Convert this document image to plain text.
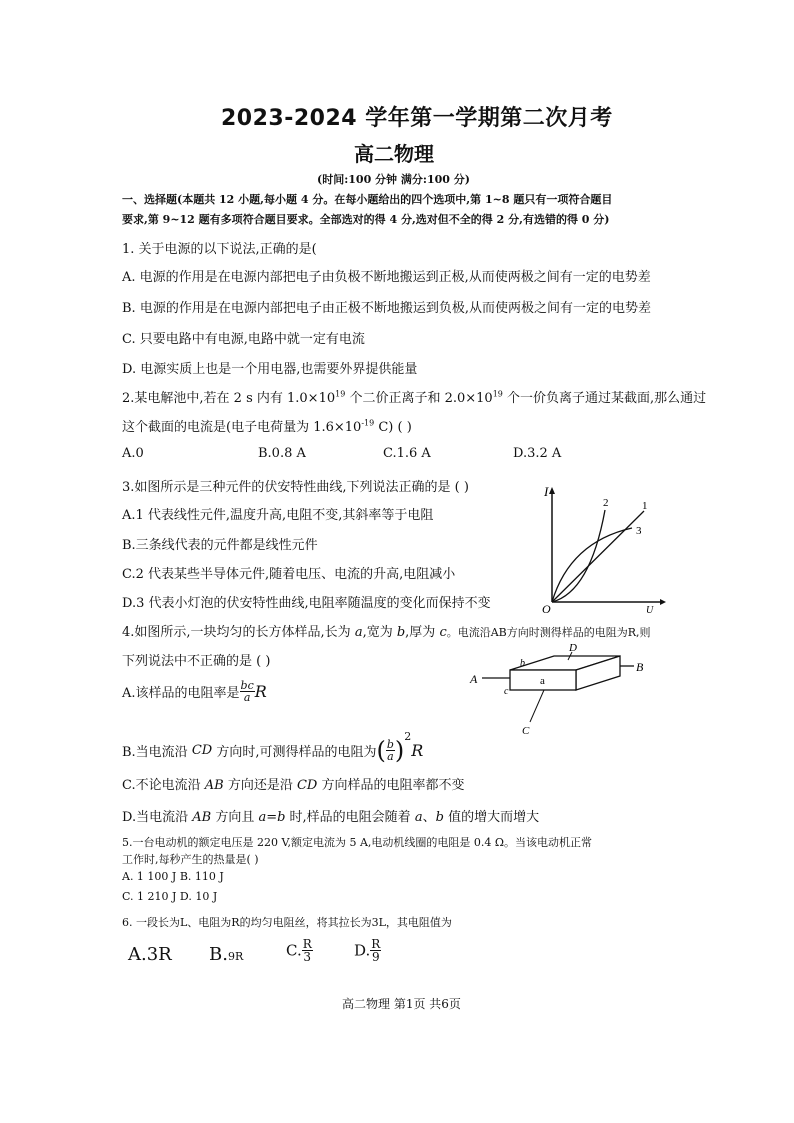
2023-2024 学年第一学期第二次月考
高二物理
(时间:100 分钟 满分:100 分)
一、选择题(本题共 12 小题,每小题 4 分。在每小题给出的四个选项中,第 1~8 题只有一项符合题目
要求,第 9~12 题有多项符合题目要求。全部选对的得 4 分,选对但不全的得 2 分,有选错的得 0 分)
1. 关于电源的以下说法,正确的是(
A. 电源的作用是在电源内部把电子由负极不断地搬运到正极,从而使两极之间有一定的电势差
B. 电源的作用是在电源内部把电子由正极不断地搬运到负极,从而使两极之间有一定的电势差
C. 只要电路中有电源,电路中就一定有电流
D. 电源实质上也是一个用电器,也需要外界提供能量
2.某电解池中,若在 2 s 内有 $1.0\times 10^{19}$ 个二价正离子和 $2.0\times 10^{19}$ 个一价负离子通过某截面,那么通过
这个截面的电流是(电子电荷量为 $1.6\times 10^{-19}$ C) ( )
A.0	B.0.8 A	C.1.6 A	D.3.2 A
3.如图所示是三种元件的伏安特性曲线,下列说法正确的是 ( )
A.1 代表线性元件,温度升高,电阻不变,其斜率等于电阻
B.三条线代表的元件都是线性元件
C.2 代表某些半导体元件,随着电压、电流的升高,电阻减小
D.3 代表小灯泡的伏安特性曲线,电阻率随温度的变化而保持不变
I
U
O
2	1
3
4.如图所示,一块均匀的长方体样品,长为 a,宽为 b,厚为 c。电流沿AB方向时测得样品的电阻为R,则
下列说法中不正确的是 ( )
A.该样品的电阻率是 $\frac{bc}{a}$ R
B.当电流沿 CD 方向时,可测得样品的电阻为( $\frac{b}{a} )^2R$
C.不论电流沿 AB 方向还是沿 CD 方向样品的电阻率都不变
D.当电流沿 AB 方向且 a=b 时,样品的电阻会随着 a、b 值的增大而增大
A
B
D
C
a
b
c
5.一台电动机的额定电压是 220 V,额定电流为 5 A,电动机线圈的电阻是 0.4 Ω。当该电动机正常
工作时,每秒产生的热量是( )
A. 1 100 J B. 110 J
C. 1 210 J D. 10 J
6. 一段长为L、电阻为R的均匀电阻丝，将其拉长为3L，其电阻值为
A.3R B.9R	C. $\frac{R}{3}$	D. $\frac{R}{9}$
高二物理 第1页 共6页
